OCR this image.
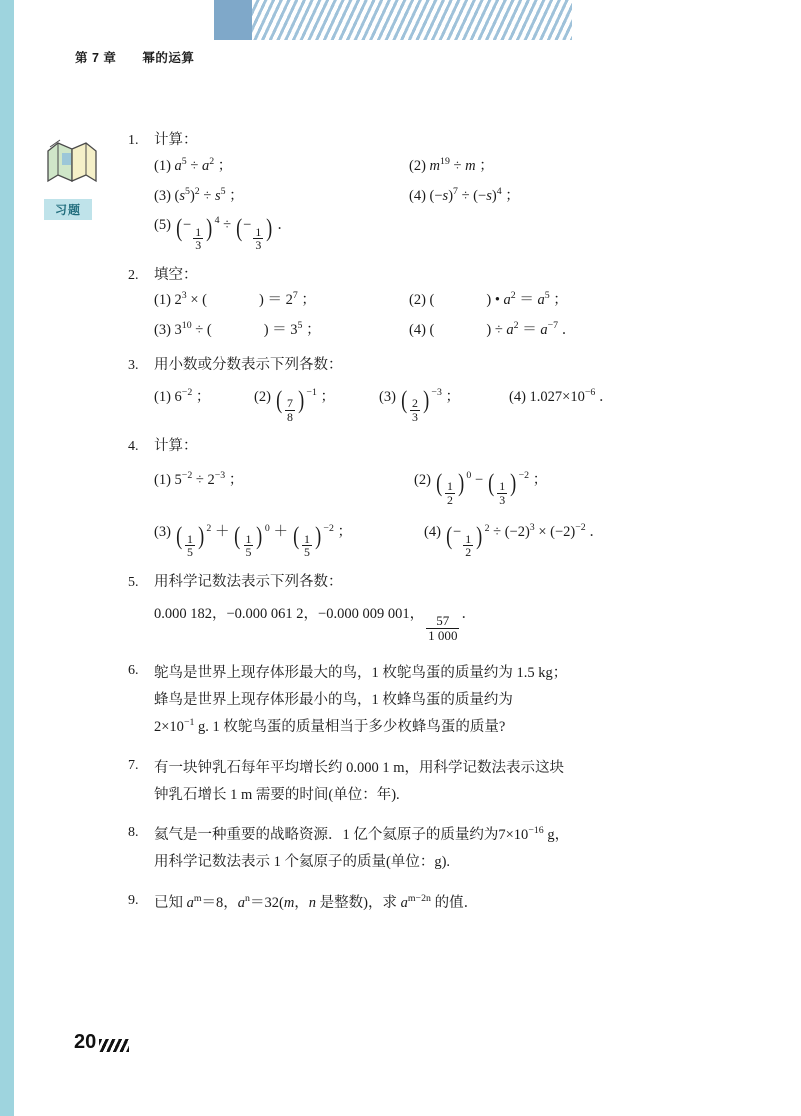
第 7 章 幂的运算
习题
1.	计算：
(1) $a^5 \div a^2$ ；	(2) $m^{19} \div m$ ；
(3) $(s^5)^2 \div s^5$ ；	(4) $(-s)^7 \div (-s)^4$ ；
(5) (−
$\frac{1}{3}$ ) 4 ÷ (−
$\frac{1}{3}$ ) ．
2.	填空：
(1) $2^3$ × (	) ＝ $2^7$ ；	(2) (	) • $a^2 = a^5$ ；
(3) $3^{10}$ ÷ (	) ＝ $3^5$ ；	(4) (	) ÷ $a^2 = a^{-7}$ ．
3.	用小数或分数表示下列各数：
(1) $6^{-2}$ ；	(2) ( $\frac{7}{8}$ ) −1 ；	(3) ( $\frac{2}{3}$ ) −3 ；	(4) $1.027\times 10^{-6}$ ．
4.	计算：
(1) $5^{-2} \div 2^{-3}$ ；	(2) ( $\frac{1}{2}$ ) 0 − ( $\frac{1}{3}$ ) −2 ；
(3) ( $\frac{1}{5}$ ) 2 ＋ ( $\frac{1}{5}$ ) 0 ＋ ( $\frac{1}{5}$ ) −2 ；	(4) (−
$\frac{1}{2}$ ) $2 \div (-2)^3 \times (-2)^{-2}$ ．
5.	用科学记数法表示下列各数：
0.000 182，−0.000 061 2，−0.000 009 001，
$\frac{57}{1 000}$
．
6.	鸵鸟是世界上现存体形最大的鸟，1 枚鸵鸟蛋的质量约为 1.5 kg；
蜂鸟是世界上现存体形最小的鸟，1 枚蜂鸟蛋的质量约为
$2\times 10^{-1}$ g. 1 枚鸵鸟蛋的质量相当于多少枚蜂鸟蛋的质量?
7.	有一块钟乳石每年平均增长约 0.000 1 m，用科学记数法表示这块
钟乳石增长 1 m 需要的时间(单位：年).
8.	氦气是一种重要的战略资源．1 亿个氦原子的质量约为$7\times 10^{-16}$ g，
用科学记数法表示 1 个氦原子的质量(单位：g).
9.	已知 $a^m=8$，$a^n=32(m$，n 是整数)，求 $a^{m-2n}$ 的值．
20
